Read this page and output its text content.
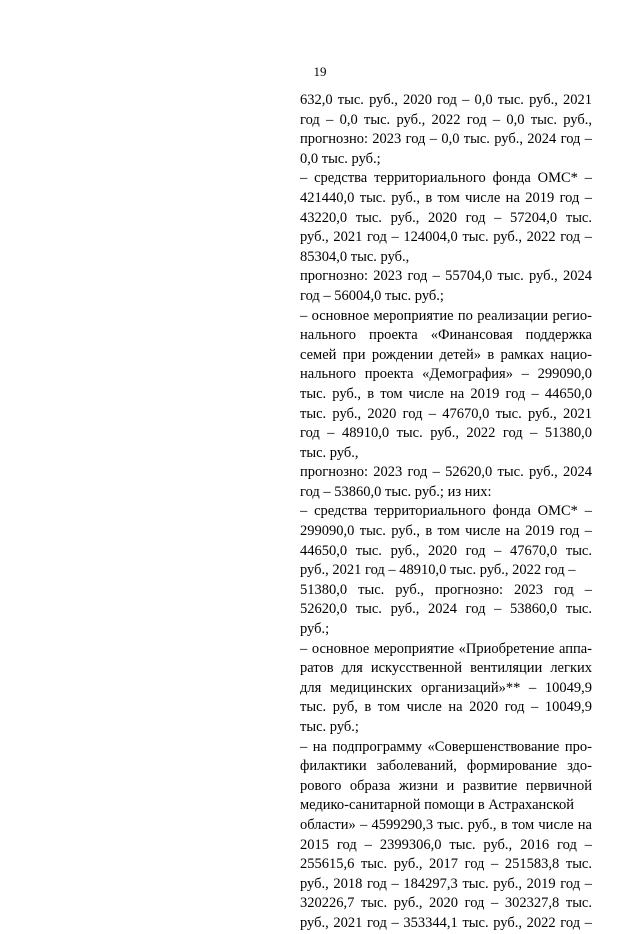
19
632,0 тыс. руб., 2020 год – 0,0 тыс. руб., 2021
год – 0,0 тыс. руб., 2022 год – 0,0 тыс. руб.,
прогнозно: 2023 год – 0,0 тыс. руб., 2024 год –
0,0 тыс. руб.;
– средства территориального фонда ОМС* –
421440,0 тыс. руб., в том числе на 2019 год –
43220,0 тыс. руб., 2020 год – 57204,0 тыс.
руб., 2021 год – 124004,0 тыс. руб., 2022 год –
85304,0 тыс. руб.,
прогнозно: 2023 год – 55704,0 тыс. руб., 2024
год – 56004,0 тыс. руб.;
– основное мероприятие по реализации регио-
нального проекта «Финансовая поддержка
семей при рождении детей» в рамках нацио-
нального проекта «Демография» – 299090,0
тыс. руб., в том числе на 2019 год – 44650,0
тыс. руб., 2020 год – 47670,0 тыс. руб., 2021
год – 48910,0 тыс. руб., 2022 год – 51380,0
тыс. руб.,
прогнозно: 2023 год – 52620,0 тыс. руб., 2024
год – 53860,0 тыс. руб.; из них:
– средства территориального фонда ОМС* –
299090,0 тыс. руб., в том числе на 2019 год –
44650,0 тыс. руб., 2020 год – 47670,0 тыс.
руб., 2021 год – 48910,0 тыс. руб., 2022 год –
51380,0 тыс. руб., прогнозно: 2023 год –
52620,0 тыс. руб., 2024 год – 53860,0 тыс.
руб.;
– основное мероприятие «Приобретение аппа-
ратов для искусственной вентиляции легких
для медицинских организаций»** – 10049,9
тыс. руб, в том числе на 2020 год – 10049,9
тыс. руб.;
– на подпрограмму «Совершенствование про-
филактики заболеваний, формирование здо-
рового образа жизни и развитие первичной
медико-санитарной помощи в Астраханской
области» – 4599290,3 тыс. руб., в том числе на
2015 год – 2399306,0 тыс. руб., 2016 год –
255615,6 тыс. руб., 2017 год – 251583,8 тыс.
руб., 2018 год – 184297,3 тыс. руб., 2019 год –
320226,7 тыс. руб., 2020 год – 302327,8 тыс.
руб., 2021 год – 353344,1 тыс. руб., 2022 год –
